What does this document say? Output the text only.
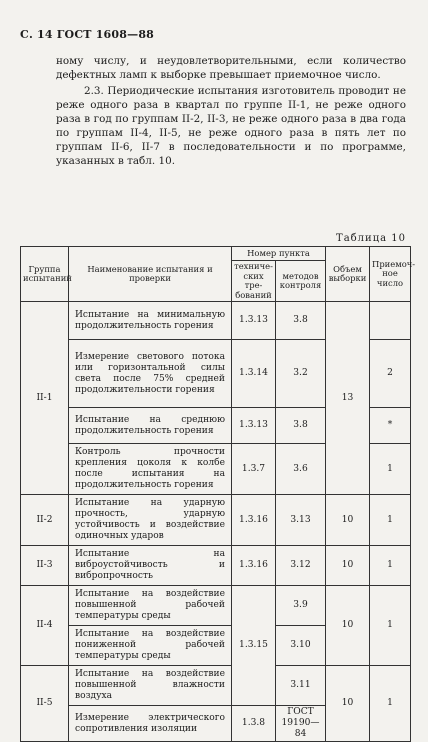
С. 14 ГОСТ 1608—88

ному числу, и неудовлетворительными, если количество дефектных ламп к выборке превышает приемочное число.

2.3. Периодические испытания изготовитель проводит не реже одного раза в квартал по группе II-1, не реже одного раза в год по группам II-2, II-3, не реже одного раза в два года по группам II-4, II-5, не реже одного раза в пять лет по группам II-6, II-7 в последовательности и по программе, указанных в табл. 10.

Таблица 10
Группа испытаний	Наименование испытания и проверки	Номер пункта		Объем выборки	Приемоч- ное число
		техниче- ских тре- бований	методов контроля		
II-1	Испытание на минимальную продолжительность горения	1.3.13	3.8	13	
	Измерение светового потока или горизонтальной силы света после 75% средней продолжительности горения	1.3.14	3.2		2
	Испытание на среднюю продолжительность горения	1.3.13	3.8		*
	Контроль прочности крепления цоколя к колбе после испытания на продолжительность горения	1.3.7	3.6		1
II-2	Испытание на ударную прочность, ударную устойчивость и воздействие одиночных ударов	1.3.16	3.13	10	1
II-3	Испытание на виброустойчивость и вибропрочность	1.3.16	3.12	10	1
II-4	Испытание на воздействие повышенной рабочей температуры среды	1.3.15	3.9	10	1
	Испытание на воздействие пониженной рабочей температуры среды		3.10		
II-5	Испытание на воздействие повышенной влажности воздуха		3.11	10	1
	Измерение электрического сопротивления изоляции	1.3.8	ГОСТ 19190—84		
